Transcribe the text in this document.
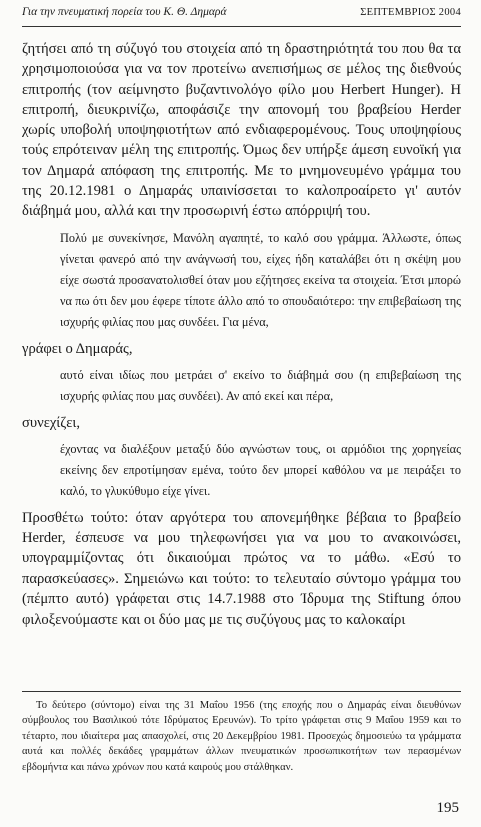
Για την πνευματική πορεία του Κ. Θ. Δημαρά	ΣΕΠΤΕΜΒΡΙΟΣ 2004

ζητήσει από τη σύζυγό του στοιχεία από τη δραστηριότητά του που θα τα χρησιμοποιούσα για να τον προτείνω ανεπισήμως σε μέλος της διεθνούς επιτροπής (τον αείμνηστο βυζαντινολόγο φίλο μου Herbert Hunger). Η επιτροπή, διευκρινίζω, αποφάσιζε την απονομή του βραβείου Herder χωρίς υποβολή υποψηφιοτήτων από ενδιαφερομένους. Τους υποψηφίους τούς επρότειναν μέλη της επιτροπής. Όμως δεν υπήρξε άμεση ευνοϊκή για τον Δημαρά απόφαση της επιτροπής. Με το μνημονευμένο γράμμα του της 20.12.1981 ο Δημαράς υπαινίσσεται το καλοπροαίρετο γι' αυτόν διάβημά μου, αλλά και την προσωρινή έστω απόρριψή του.

Πολύ με συνεκίνησε, Μανόλη αγαπητέ, το καλό σου γράμμα. Άλλωστε, όπως γίνεται φανερό από την ανάγνωσή του, είχες ήδη καταλάβει ότι η σκέψη μου είχε σωστά προσανατολισθεί όταν μου εζήτησες εκείνα τα στοιχεία. Έτσι μπορώ να πω ότι δεν μου έφερε τίποτε άλλο από το σπουδαιότερο: την επιβεβαίωση της ισχυρής φιλίας που μας συνδέει. Για μένα,

γράφει ο Δημαράς,

αυτό είναι ιδίως που μετράει σ' εκείνο το διάβημά σου (η επιβεβαίωση της ισχυρής φιλίας που μας συνδέει). Αν από εκεί και πέρα,

συνεχίζει,

έχοντας να διαλέξουν μεταξύ δύο αγνώστων τους, οι αρμόδιοι της χορηγείας εκείνης δεν επροτίμησαν εμένα, τούτο δεν μπορεί καθόλου να με πειράξει το καλό, το γλυκύθυμο είχε γίνει.

Προσθέτω τούτο: όταν αργότερα του απονεμήθηκε βέβαια το βραβείο Herder, έσπευσε να μου τηλεφωνήσει για να μου το ανακοινώσει, υπογραμμίζοντας ότι δικαιούμαι πρώτος να το μάθω. «Εσύ το παρασκεύασες». Σημειώνω και τούτο: το τελευταίο σύντομο γράμμα του (πέμπτο αυτό) γράφεται στις 14.7.1988 στο Ίδρυμα της Stiftung όπου φιλοξενούμαστε και οι δύο μας με τις συζύγους μας το καλοκαίρι

Το δεύτερο (σύντομο) είναι της 31 Μαΐου 1956 (της εποχής που ο Δημαράς είναι διευθύνων σύμβουλος του Βασιλικού τότε Ιδρύματος Ερευνών). Το τρίτο γράφεται στις 9 Μαΐου 1959 και το τέταρτο, που ιδιαίτερα μας απασχολεί, στις 20 Δεκεμβρίου 1981. Προσεχώς δημοσιεύω τα γράμματα αυτά και πολλές δεκάδες γραμμάτων άλλων πνευματικών προσωπικοτήτων των περασμένων εβδομήντα και πάνω χρόνων που κατά καιρούς μου στάλθηκαν.

195
